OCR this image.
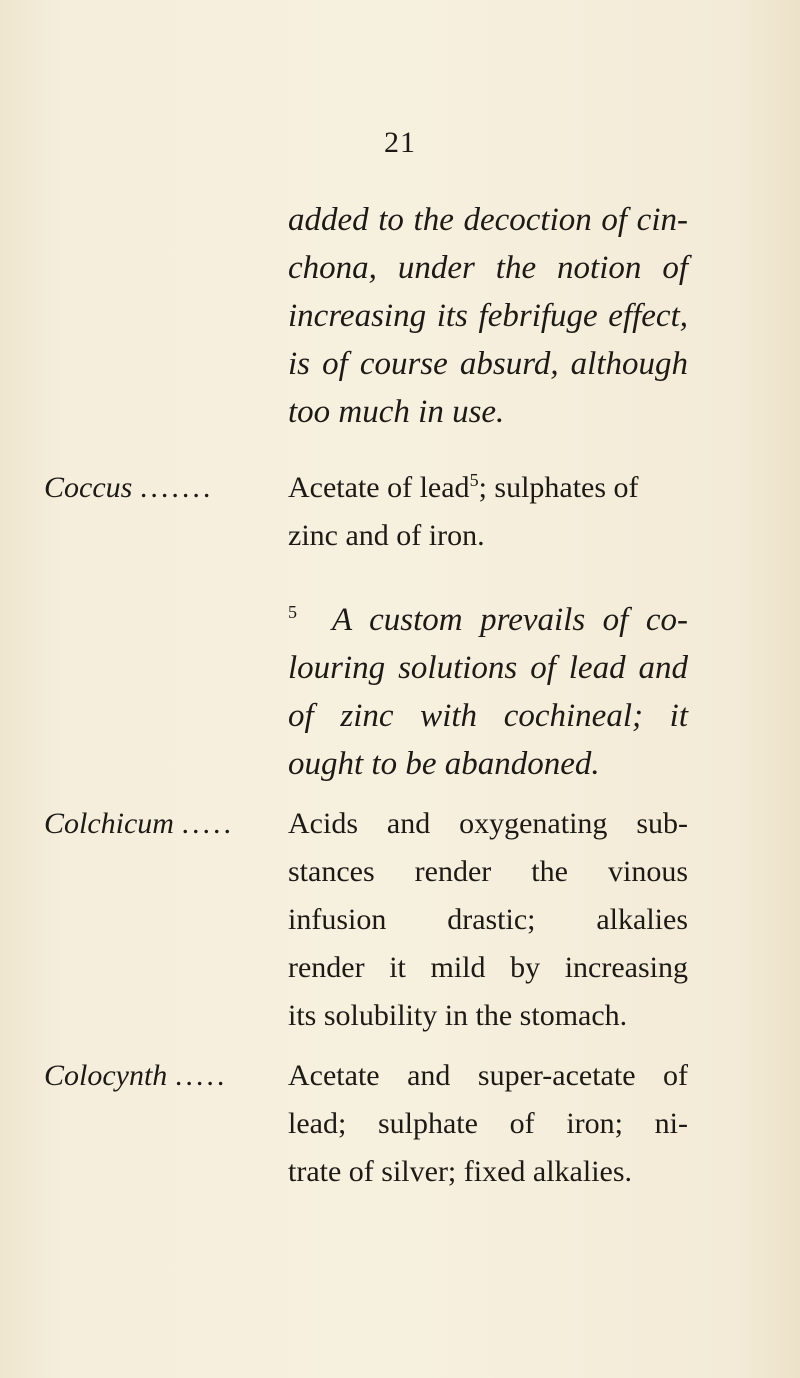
21
added to the decoction of cin-
chona, under the notion of
increasing its febrifuge effect,
is of course absurd, although
too much in use.
Coccus ....... Acetate of lead$^5$; sulphates of
zinc and of iron.
$^5$ A custom prevails of co-
louring solutions of lead and
of zinc with cochineal; it
ought to be abandoned.
Colchicum ..... Acids and oxygenating sub-
stances render the vinous
infusion drastic; alkalies
render it mild by increasing
its solubility in the stomach.
Colocynth ..... Acetate and super-acetate of
lead; sulphate of iron; ni-
trate of silver; fixed alkalies.
